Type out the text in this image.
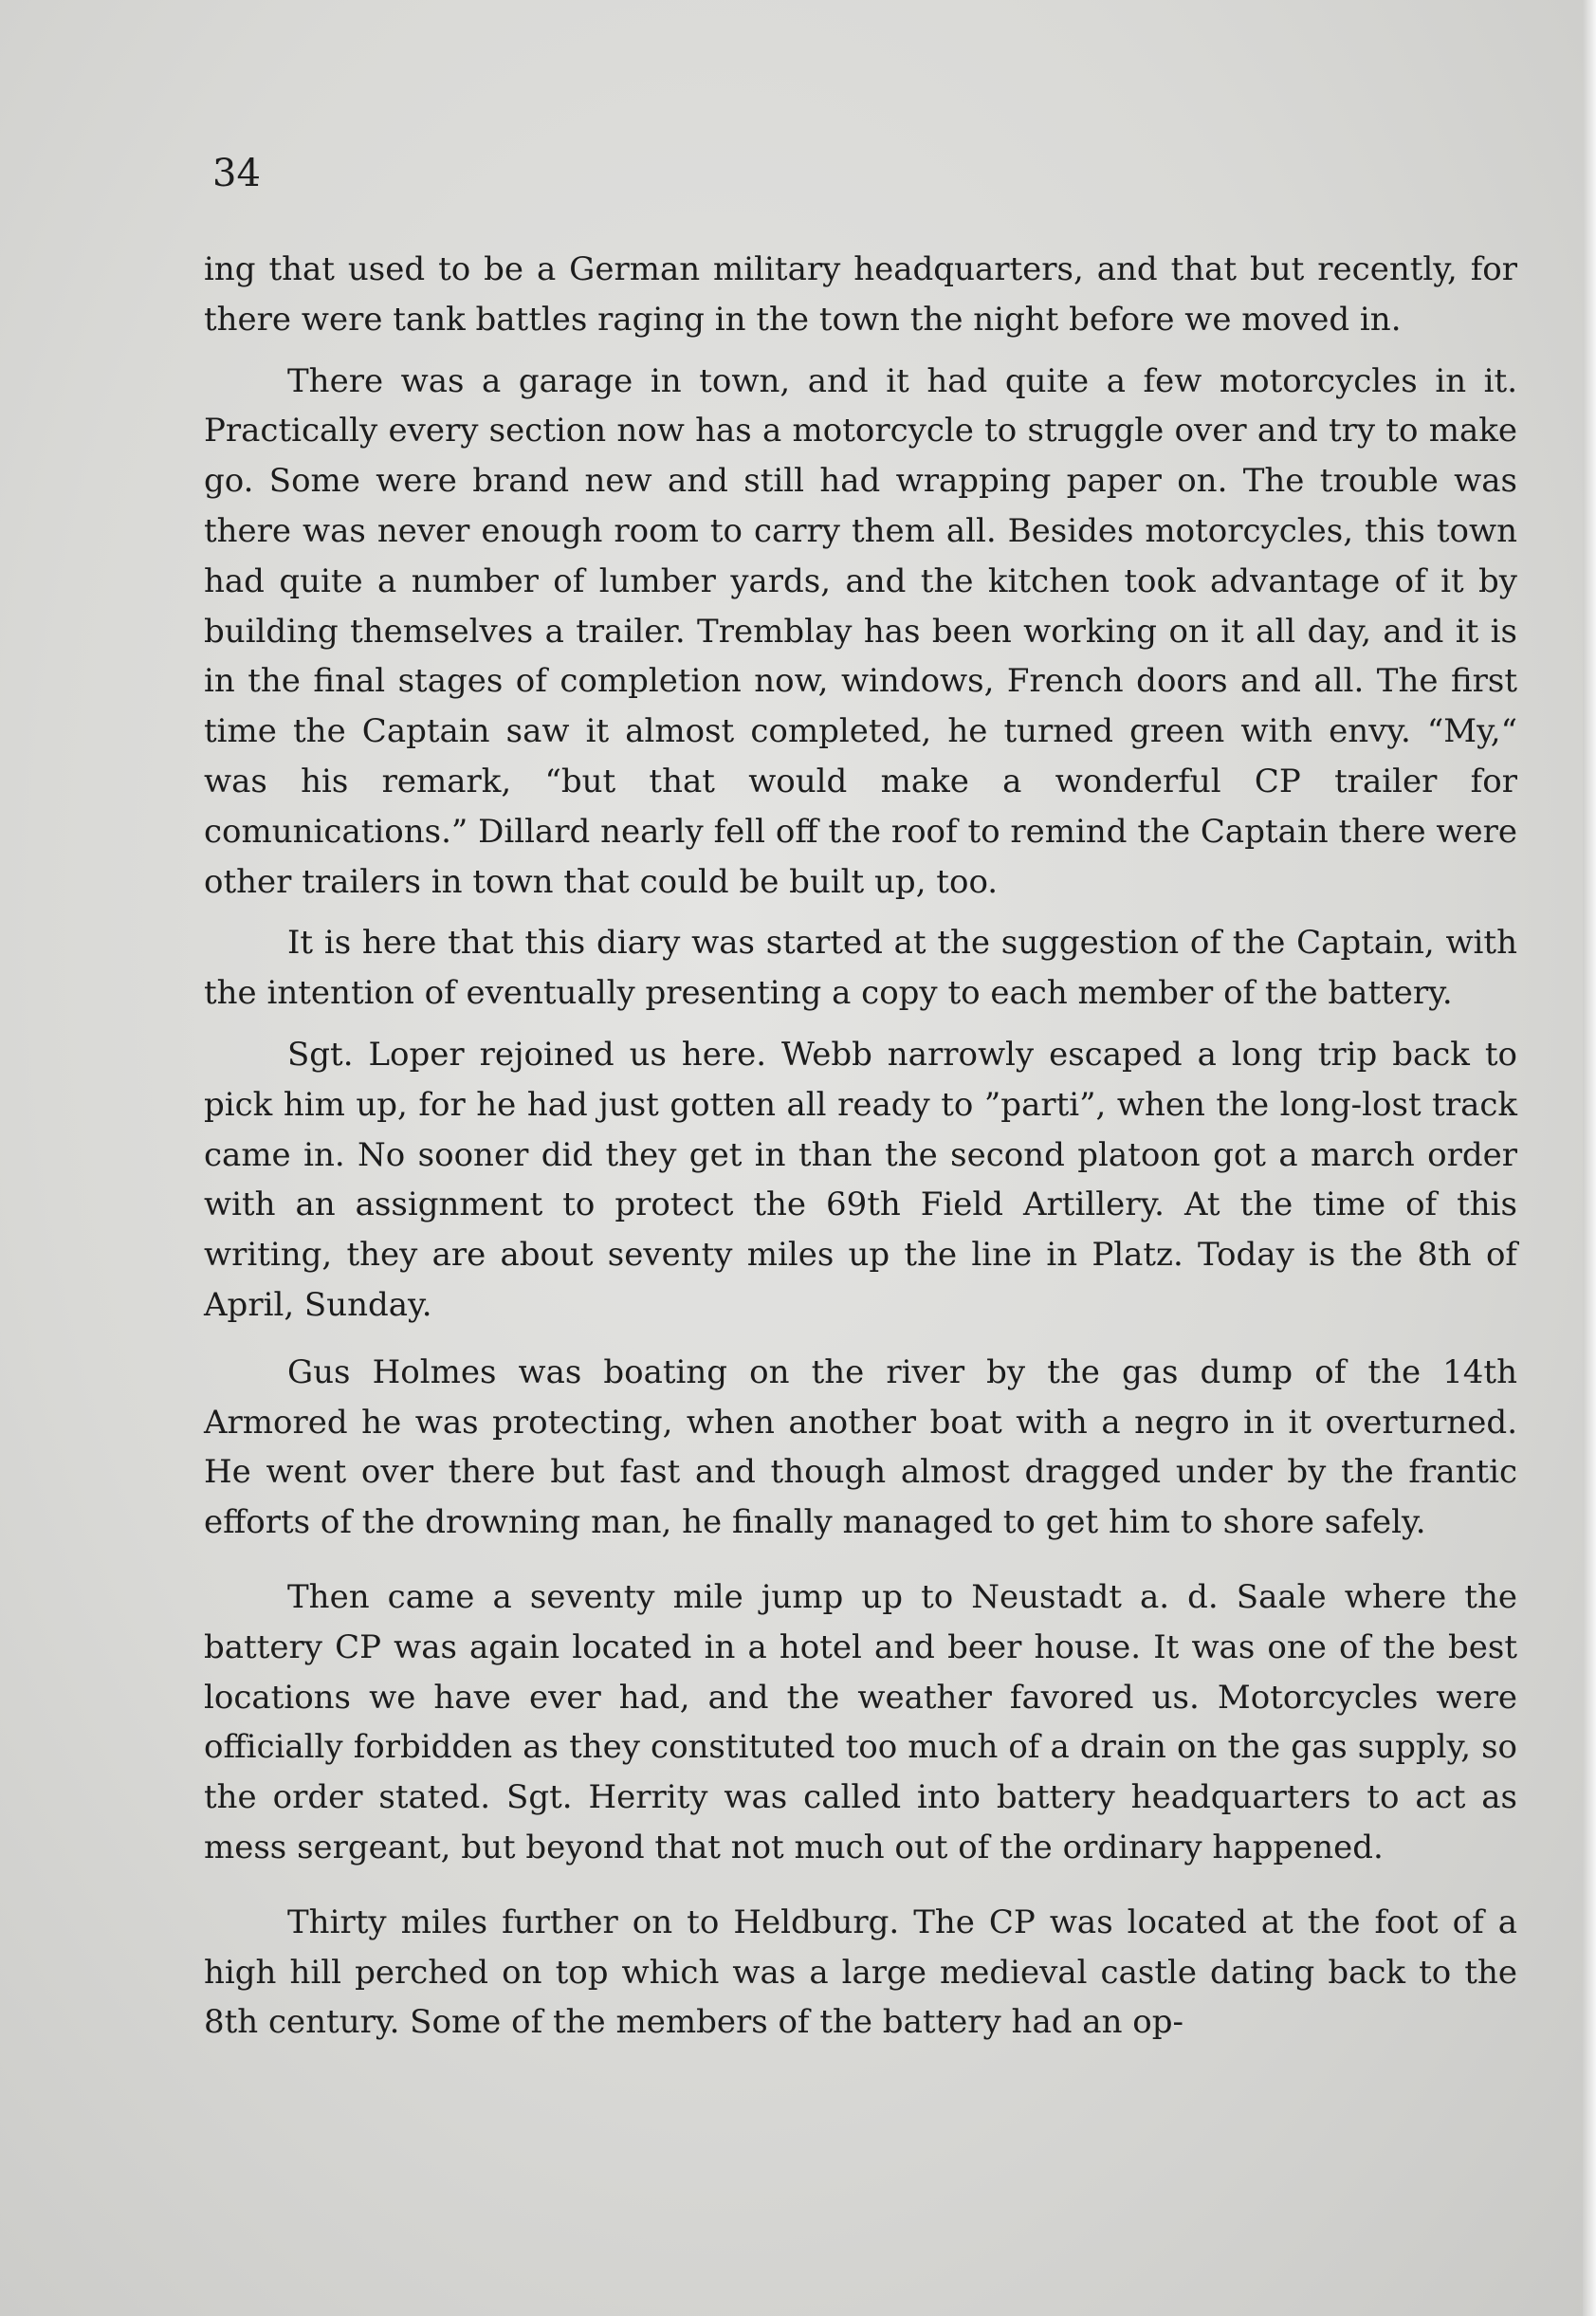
34

ing that used to be a German military headquarters, and that but recently, for there were tank battles raging in the town the night before we moved in.

There was a garage in town, and it had quite a few motorcycles in it. Practically every section now has a motorcycle to struggle over and try to make go. Some were brand new and still had wrapping paper on. The trouble was there was never enough room to carry them all. Besides motorcycles, this town had quite a number of lumber yards, and the kitchen took advantage of it by building themselves a trailer. Tremblay has been working on it all day, and it is in the final stages of completion now, windows, French doors and all. The first time the Captain saw it almost completed, he turned green with envy. “My,“ was his remark, “but that would make a wonderful CP trailer for comunications.” Dillard nearly fell off the roof to remind the Captain there were other trailers in town that could be built up, too.

It is here that this diary was started at the suggestion of the Captain, with the intention of eventually presenting a copy to each member of the battery.

Sgt. Loper rejoined us here. Webb narrowly escaped a long trip back to pick him up, for he had just gotten all ready to ”parti”, when the long-lost track came in. No sooner did they get in than the second platoon got a march order with an assignment to protect the 69th Field Artillery. At the time of this writing, they are about seventy miles up the line in Platz. Today is the 8th of April, Sunday.

Gus Holmes was boating on the river by the gas dump of the 14th Armored he was protecting, when another boat with a negro in it overturned. He went over there but fast and though almost dragged under by the frantic efforts of the drowning man, he finally managed to get him to shore safely.

Then came a seventy mile jump up to Neustadt a. d. Saale where the battery CP was again located in a hotel and beer house. It was one of the best locations we have ever had, and the weather favored us. Motorcycles were officially forbidden as they constituted too much of a drain on the gas supply, so the order stated. Sgt. Herrity was called into battery headquarters to act as mess sergeant, but beyond that not much out of the ordinary happened.

Thirty miles further on to Heldburg. The CP was located at the foot of a high hill perched on top which was a large medieval castle dating back to the 8th century. Some of the members of the battery had an op-
